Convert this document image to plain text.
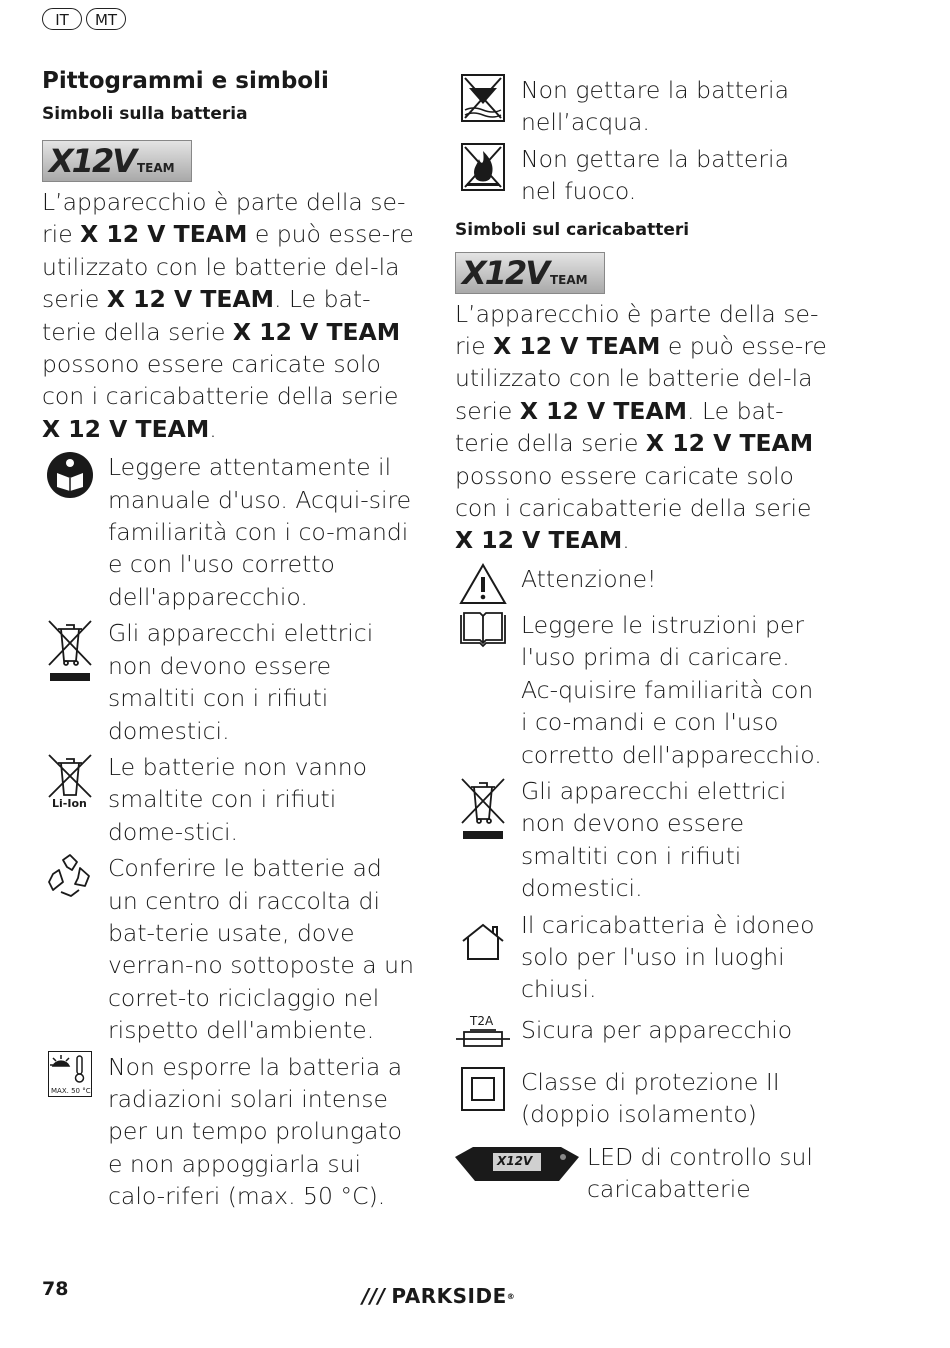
IT	MT
Pittogrammi e simboli
Simboli sulla batteria
X12V TEAM

L’apparecchio è parte della se-rie X 12 V TEAM e può esse-re utilizzato con le batterie del-la serie X 12 V TEAM. Le bat-terie della serie X 12 V TEAM possono essere caricate solo con i caricabatterie della serie X 12 V TEAM.

Leggere attentamente il manuale d'uso. Acqui-sire familiarità con i co-mandi e con l'uso corretto dell'apparecchio.
Gli apparecchi elettrici non devono essere smaltiti con i rifiuti domestici.
Li-Ion
Le batterie non vanno smaltite con i rifiuti dome-stici.
Conferire le batterie ad un centro di raccolta di bat-terie usate, dove verran-no sottoposte a un corret-to riciclaggio nel rispetto dell'ambiente.
MAX. 50 °C
Non esporre la batteria a radiazioni solari intense per un tempo prolungato e non appoggiarla sui calo-riferi (max. 50 °C).
Non gettare la batteria nell’acqua.
Non gettare la batteria nel fuoco.
Simboli sul caricabatteri
X12V TEAM

L’apparecchio è parte della se-rie X 12 V TEAM e può esse-re utilizzato con le batterie del-la serie X 12 V TEAM. Le bat-terie della serie X 12 V TEAM possono essere caricate solo con i caricabatterie della serie X 12 V TEAM.

Attenzione!
Leggere le istruzioni per l'uso prima di caricare. Ac-quisire familiarità con i co-mandi e con l'uso corretto dell'apparecchio.
Gli apparecchi elettrici non devono essere smaltiti con i rifiuti domestici.
Il caricabatteria è idoneo solo per l'uso in luoghi chiusi.
T2A Sicura per apparecchio
Classe di protezione II (doppio isolamento)
X12V LED di controllo sul caricabatterie
78	/// PARKSIDE ®
